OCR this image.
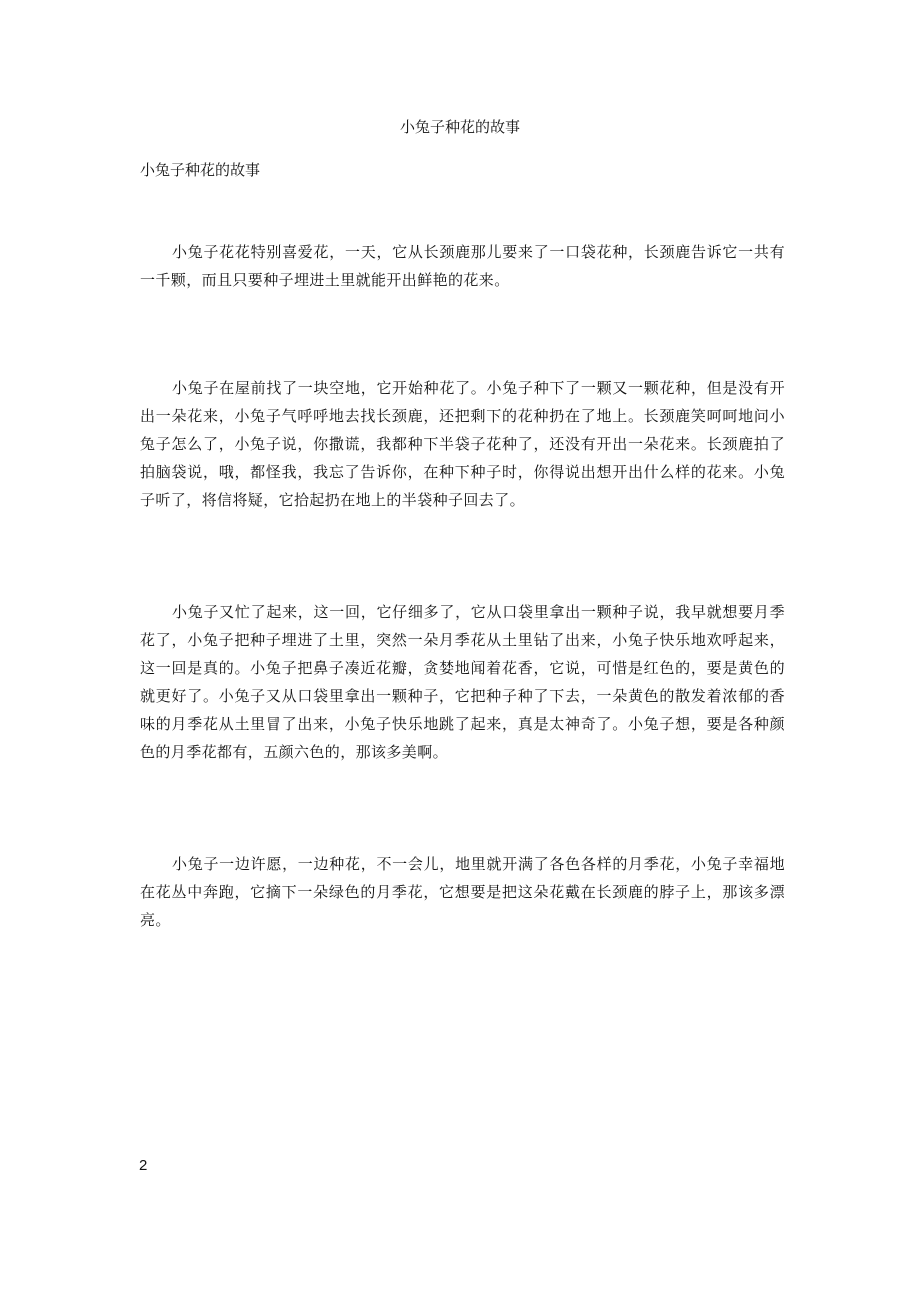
小兔子种花的故事
小兔子种花的故事

小兔子花花特别喜爱花，一天，它从长颈鹿那儿要来了一口袋花种，长颈鹿告诉它一共有一千颗，而且只要种子埋进土里就能开出鲜艳的花来。

小兔子在屋前找了一块空地，它开始种花了。小兔子种下了一颗又一颗花种，但是没有开出一朵花来，小兔子气呼呼地去找长颈鹿，还把剩下的花种扔在了地上。长颈鹿笑呵呵地问小兔子怎么了，小兔子说，你撒谎，我都种下半袋子花种了，还没有开出一朵花来。长颈鹿拍了拍脑袋说，哦，都怪我，我忘了告诉你，在种下种子时，你得说出想开出什么样的花来。小兔子听了，将信将疑，它拾起扔在地上的半袋种子回去了。

小兔子又忙了起来，这一回，它仔细多了，它从口袋里拿出一颗种子说，我早就想要月季花了，小兔子把种子埋进了土里，突然一朵月季花从土里钻了出来，小兔子快乐地欢呼起来，这一回是真的。小兔子把鼻子凑近花瓣，贪婪地闻着花香，它说，可惜是红色的，要是黄色的就更好了。小兔子又从口袋里拿出一颗种子，它把种子种了下去，一朵黄色的散发着浓郁的香味的月季花从土里冒了出来，小兔子快乐地跳了起来，真是太神奇了。小兔子想，要是各种颜色的月季花都有，五颜六色的，那该多美啊。

小兔子一边许愿，一边种花，不一会儿，地里就开满了各色各样的月季花，小兔子幸福地在花丛中奔跑，它摘下一朵绿色的月季花，它想要是把这朵花戴在长颈鹿的脖子上，那该多漂亮。

2
